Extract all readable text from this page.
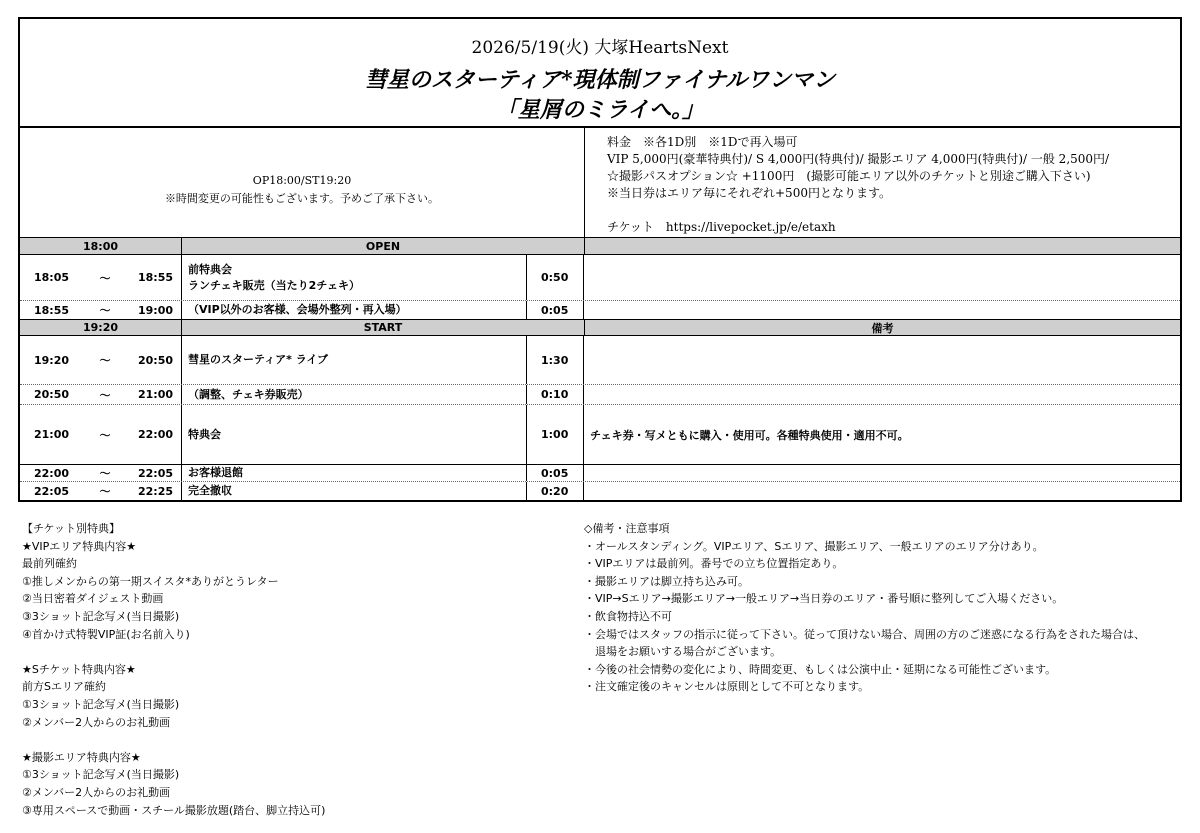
2026/5/19(火) 大塚HeartsNext
彗星のスターティア*現体制ファイナルワンマン
「星屑のミライへ。」
OP18:00/ST19:20
※時間変更の可能性もございます。予めご了承下さい。
料金　※各1D別　※1Dで再入場可
VIP 5,000円(豪華特典付)/ S 4,000円(特典付)/ 撮影エリア 4,000円(特典付)/ 一般 2,500円/
☆撮影パスオプション☆ +1100円　(撮影可能エリア以外のチケットと別途ご購入下さい)
※当日券はエリア毎にそれぞれ+500円となります。
チケット　https://livepocket.jp/e/etaxh
18:00	OPEN
18:05	～	18:55
前特典会
ランチェキ販売（当たり2チェキ）
0:50
18:55	～	19:00	（VIP以外のお客様、会場外整列・再入場）	0:05
19:20	START	備考
19:20	～	20:50	彗星のスターティア* ライブ	1:30
20:50	～	21:00	（調整、チェキ券販売）	0:10
21:00	～	22:00	特典会	1:00	チェキ券・写メともに購入・使用可。各種特典使用・適用不可。
22:00	～	22:05	お客様退館	0:05
22:05	～	22:25	完全撤収	0:20
【チケット別特典】
★VIPエリア特典内容★
最前列確約
①推しメンからの第一期スイスタ*ありがとうレター
②当日密着ダイジェスト動画
③3ショット記念写メ(当日撮影)
④首かけ式特製VIP証(お名前入り)
★Sチケット特典内容★
前方Sエリア確約
①3ショット記念写メ(当日撮影)
②メンバー2人からのお礼動画
★撮影エリア特典内容★
①3ショット記念写メ(当日撮影)
②メンバー2人からのお礼動画
③専用スペースで動画・スチール撮影放題(踏台、脚立持込可)
◇備考・注意事項
・オールスタンディング。VIPエリア、Sエリア、撮影エリア、一般エリアのエリア分けあり。
・VIPエリアは最前列。番号での立ち位置指定あり。
・撮影エリアは脚立持ち込み可。
・VIP→Sエリア→撮影エリア→一般エリア→当日券のエリア・番号順に整列してご入場ください。
・飲食物持込不可
・会場ではスタッフの指示に従って下さい。従って頂けない場合、周囲の方のご迷惑になる行為をされた場合は、
　退場をお願いする場合がございます。
・今後の社会情勢の変化により、時間変更、もしくは公演中止・延期になる可能性ございます。
・注文確定後のキャンセルは原則として不可となります。
